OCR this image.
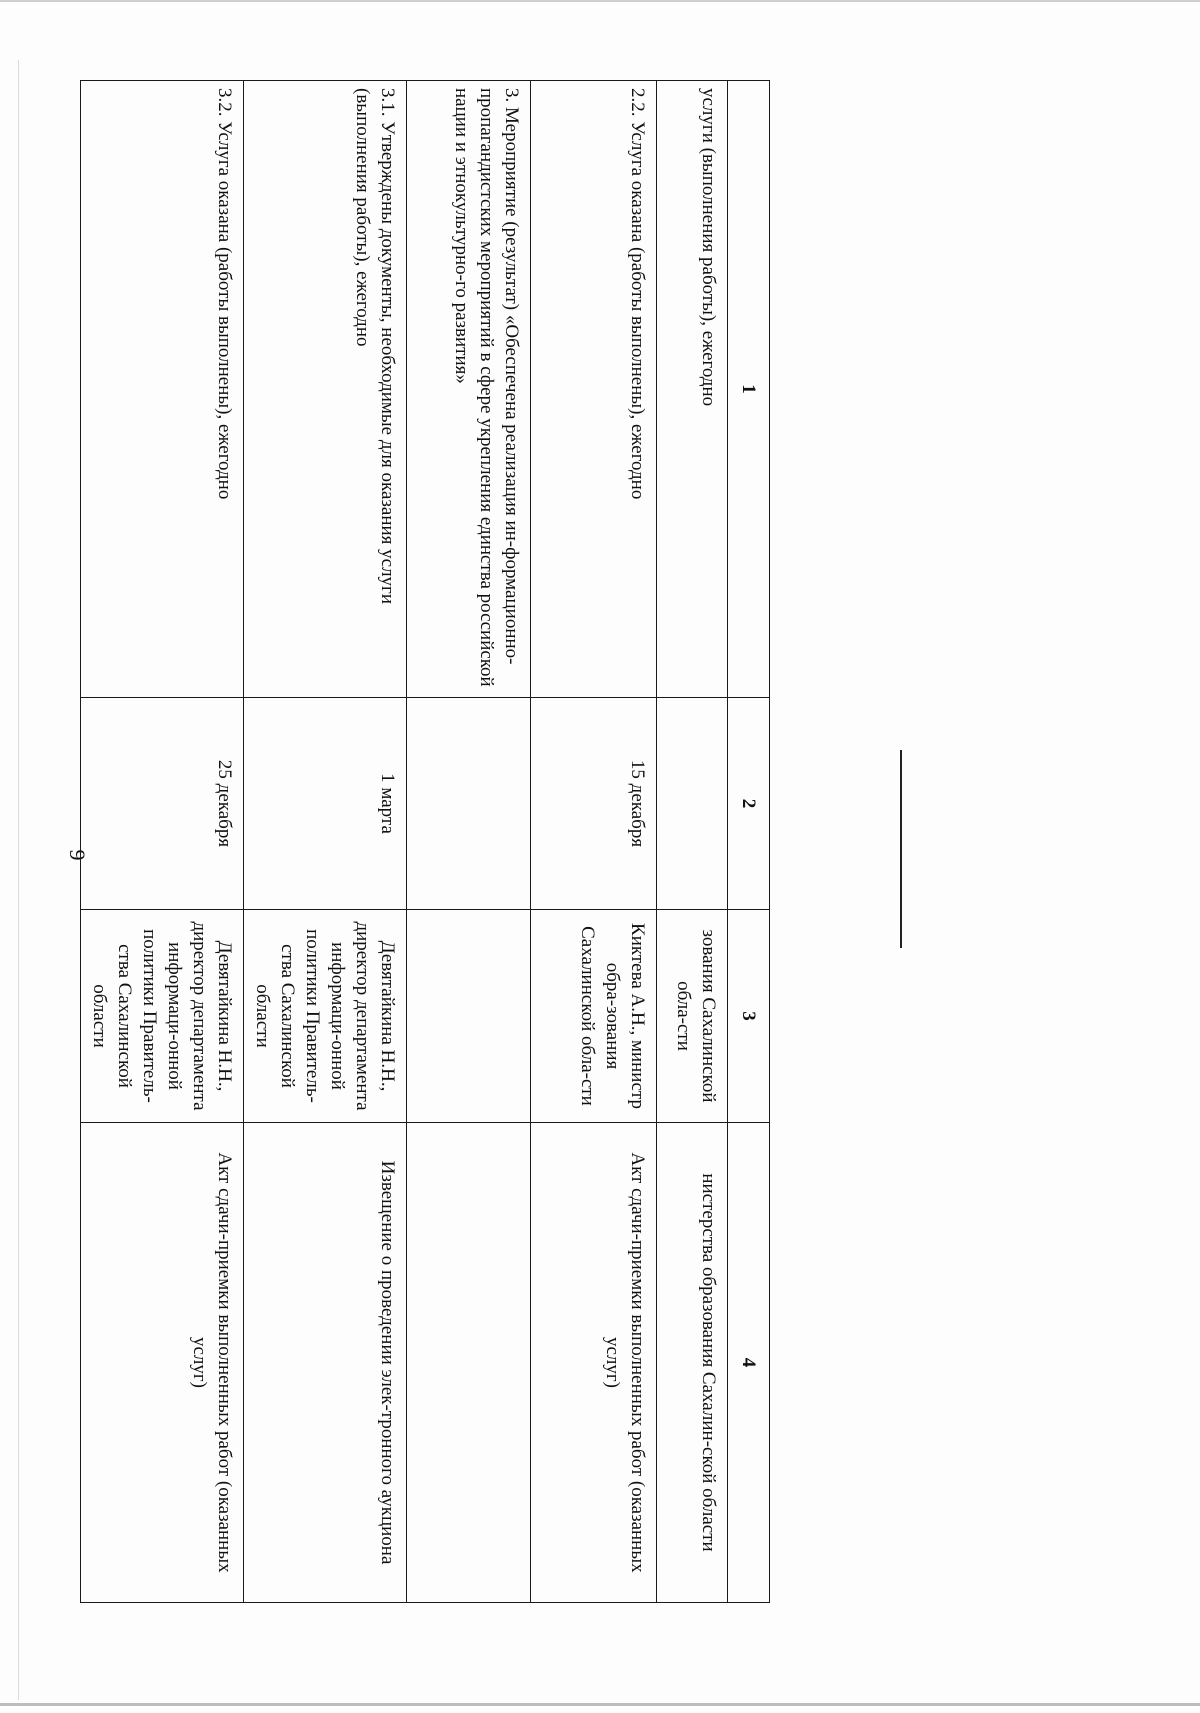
9
1	2	3	4
услуги (выполнения работы), ежегодно		зования Сахалинской обла-сти	нистерства образования Сахалин-ской области
2.2. Услуга оказана (работы выполнены), ежегодно	15 декабря	Киктева А.Н., министр обра-зования Сахалинской обла-сти	Акт сдачи-приемки выполненных работ (оказанных услуг)
3. Мероприятие (результат) «Обеспечена реализация ин-формационно-пропагандистских мероприятий в сфере укрепления единства российской нации и этнокультурно-го развития»			
3.1. Утверждены документы, необходимые для оказания услуги (выполнения работы), ежегодно	1 марта	Девятайкина Н.Н., директор департамента информаци-онной политики Правитель-ства Сахалинской области	Извещение о проведении элек-тронного аукциона
3.2. Услуга оказана (работы выполнены), ежегодно	25 декабря	Девятайкина Н.Н., директор департамента информаци-онной политики Правитель-ства Сахалинской области	Акт сдачи-приемки выполненных работ (оказанных услуг)
